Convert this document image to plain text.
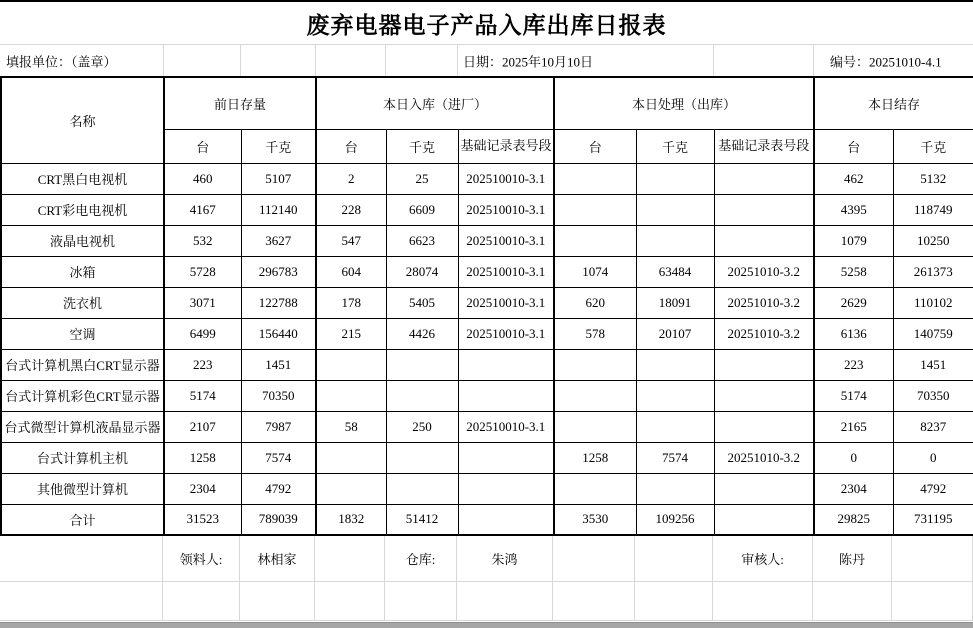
废弃电器电子产品入库出库日报表
填报单位：（盖章）	日期：2025年10月10日	编号：20251010-4.1
名称	前日存量		本日入库（进厂）			本日处理（出库）			本日结存	
	台	千克	台	千克	基础记录表号段	台	千克	基础记录表号段	台	千克
CRT黑白电视机	460	5107	2	25	202510010-3.1				462	5132
CRT彩电电视机	4167	112140	228	6609	202510010-3.1				4395	118749
液晶电视机	532	3627	547	6623	202510010-3.1				1079	10250
冰箱	5728	296783	604	28074	202510010-3.1	1074	63484	20251010-3.2	5258	261373
洗衣机	3071	122788	178	5405	202510010-3.1	620	18091	20251010-3.2	2629	110102
空调	6499	156440	215	4426	202510010-3.1	578	20107	20251010-3.2	6136	140759
台式计算机黑白CRT显示器	223	1451							223	1451
台式计算机彩色CRT显示器	5174	70350							5174	70350
台式微型计算机液晶显示器	2107	7987	58	250	202510010-3.1				2165	8237
台式计算机主机	1258	7574				1258	7574	20251010-3.2	0	0
其他微型计算机	2304	4792							2304	4792
合计	31523	789039	1832	51412		3530	109256		29825	731195
领料人:	林相家	仓库:	朱鸿	审核人:	陈丹
